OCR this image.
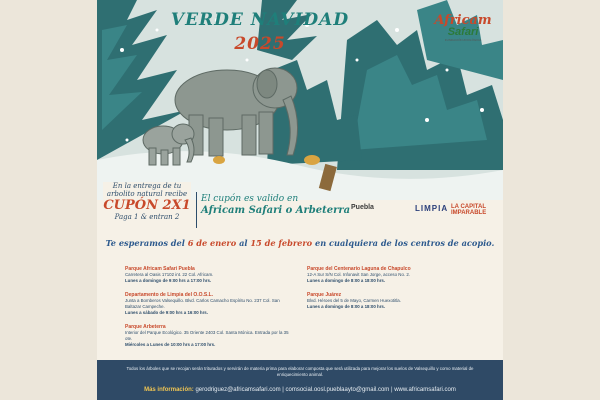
VERDE NAVIDAD
2025
Africam
Safari
FUNDACIÓN ZOOLÓGICA
En la entrega de tu
arbolito natural recibe
CUPÓN 2X1
Paga 1 & entran 2
El cupón es valido en
Africam Safari o Arbeterra Puebla	LIMPIA LA CAPITAL IMPARABLE
Te esperamos del 6 de enero al 15 de febrero en cualquiera de los centros de acopio.
Parque Africam Safari Puebla
Carretera al Oasis 17102 int. 22 Col. Africam.
Lunes a domingo de 9:00 hrs a 17:00 hrs.
Departamento de Limpia del O.O.S.L.
Junta a Bomberos Valsequillo. Blvd. Carlos Camacho Espíritu No. 237 Col. San Baltazar Campeche.
Lunes a sábado de 9:00 hrs a 16:00 hrs.
Parque Arbeterra
Interior del Parque Ecológico. 35 Oriente 2403 Col. Santa Mónica. Entrada por la 35 ote.
Miércoles a Lunes de 10:00 hrs a 17:00 hrs.
Parque del Centenario Laguna de Chapulco
12-A Sur S/N Col. Infonavit San Jorge, acceso No. 2.
Lunes a domingo de 8:00 a 18:00 hrs.
Parque Juárez
Blvd. Héroes del 5 de Mayo, Carmen Huexotitla.
Lunes a domingo de 8:00 a 18:00 hrs.
Todos los árboles que se recojan serán triturados y servirán de materia prima para elaborar composta que será utilizada para mejorar los suelos de Valsequillo y como material de enriquecimiento animal.
Más información: gerodriguez@africamsafari.com | comsocial.oosl.pueblaayto@gmail.com | www.africamsafari.com
